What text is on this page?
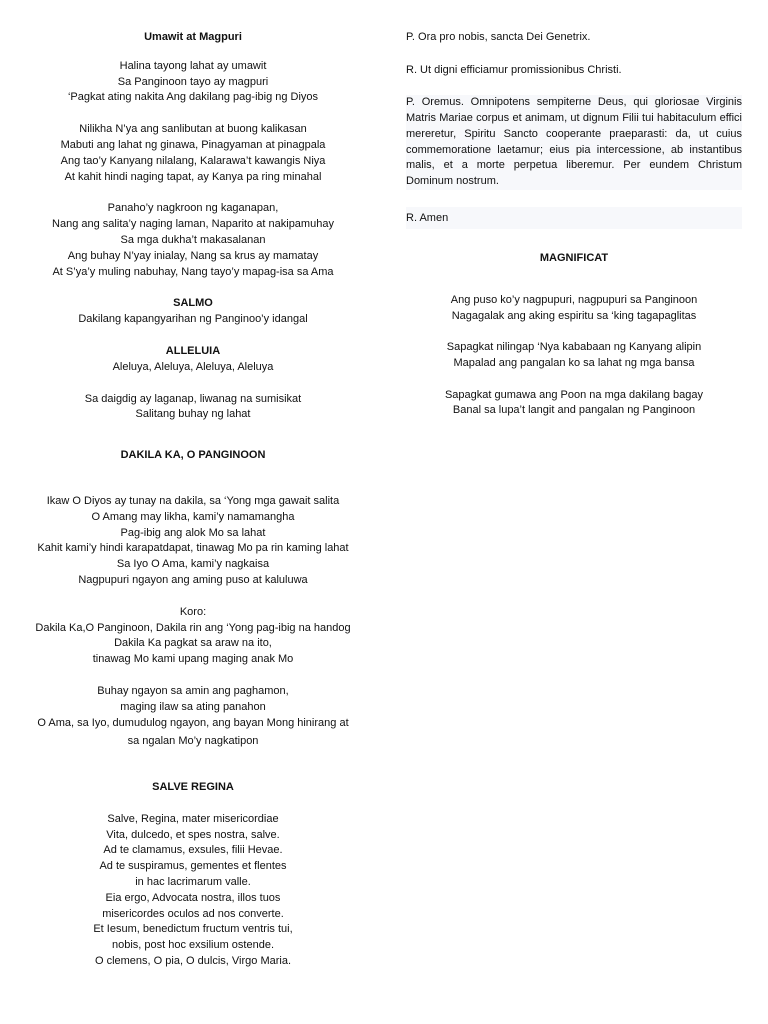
Umawit at Magpuri

Halina tayong lahat ay umawit
Sa Panginoon tayo ay magpuri
‘Pagkat ating nakita Ang dakilang pag-ibig ng Diyos
Nilikha N’ya ang sanlibutan at buong kalikasan
Mabuti ang lahat ng ginawa, Pinagyaman at pinagpala
Ang tao’y Kanyang nilalang, Kalarawa’t kawangis Niya
At kahit hindi naging tapat, ay Kanya pa ring minahal
Panaho’y nagkroon ng kaganapan,
Nang ang salita’y naging laman, Naparito at nakipamuhay
Sa mga dukha’t makasalanan
Ang buhay N’yay inialay, Nang sa krus ay mamatay
At S’ya’y muling nabuhay, Nang tayo’y mapag-isa sa Ama

SALMO

Dakilang kapangyarihan ng Panginoo’y idangal

ALLELUIA

Aleluya, Aleluya, Aleluya, Aleluya
Sa daigdig ay laganap, liwanag na sumisikat
Salitang buhay ng lahat

DAKILA KA, O PANGINOON

Ikaw O Diyos ay tunay na dakila, sa ‘Yong mga gawait salita
O Amang may likha, kami’y namamangha
Pag-ibig ang alok Mo sa lahat
Kahit kami’y hindi karapatdapat, tinawag Mo pa rin kaming lahat
Sa Iyo O Ama, kami’y nagkaisa
Nagpupuri ngayon ang aming puso at kaluluwa
Koro:
Dakila Ka,O Panginoon, Dakila rin ang ‘Yong pag-ibig na handog
Dakila Ka pagkat sa araw na ito,
tinawag Mo kami upang maging anak Mo
Buhay ngayon sa amin ang paghamon,
maging ilaw sa ating panahon
O Ama, sa Iyo, dumudulog ngayon, ang bayan Mong hinirang at
sa ngalan Mo’y nagkatipon

SALVE REGINA

Salve, Regina, mater misericordiae
Vita, dulcedo, et spes nostra, salve.
Ad te clamamus, exsules, filii Hevae.
Ad te suspiramus, gementes et flentes
in hac lacrimarum valle.
Eia ergo, Advocata nostra, illos tuos
misericordes oculos ad nos converte.
Et Iesum, benedictum fructum ventris tui,
nobis, post hoc exsilium ostende.
O clemens, O pia, O dulcis, Virgo Maria.

P. Ora pro nobis, sancta Dei Genetrix.

R. Ut digni efficiamur promissionibus Christi.

P. Oremus. Omnipotens sempiterne Deus, qui gloriosae Virginis Matris Mariae corpus et animam, ut dignum Filii tui habitaculum effici mereretur, Spiritu Sancto cooperante praeparasti: da, ut cuius commemoratione laetamur; eius pia intercessione, ab instantibus malis, et a morte perpetua liberemur. Per eundem Christum Dominum nostrum.

R. Amen

MAGNIFICAT

Ang puso ko’y nagpupuri, nagpupuri sa Panginoon
Nagagalak ang aking espiritu sa ‘king tagapaglitas
Sapagkat nilingap ‘Nya kababaan ng Kanyang alipin
Mapalad ang pangalan ko sa lahat ng mga bansa
Sapagkat gumawa ang Poon na mga dakilang bagay
Banal sa lupa’t langit and pangalan ng Panginoon
